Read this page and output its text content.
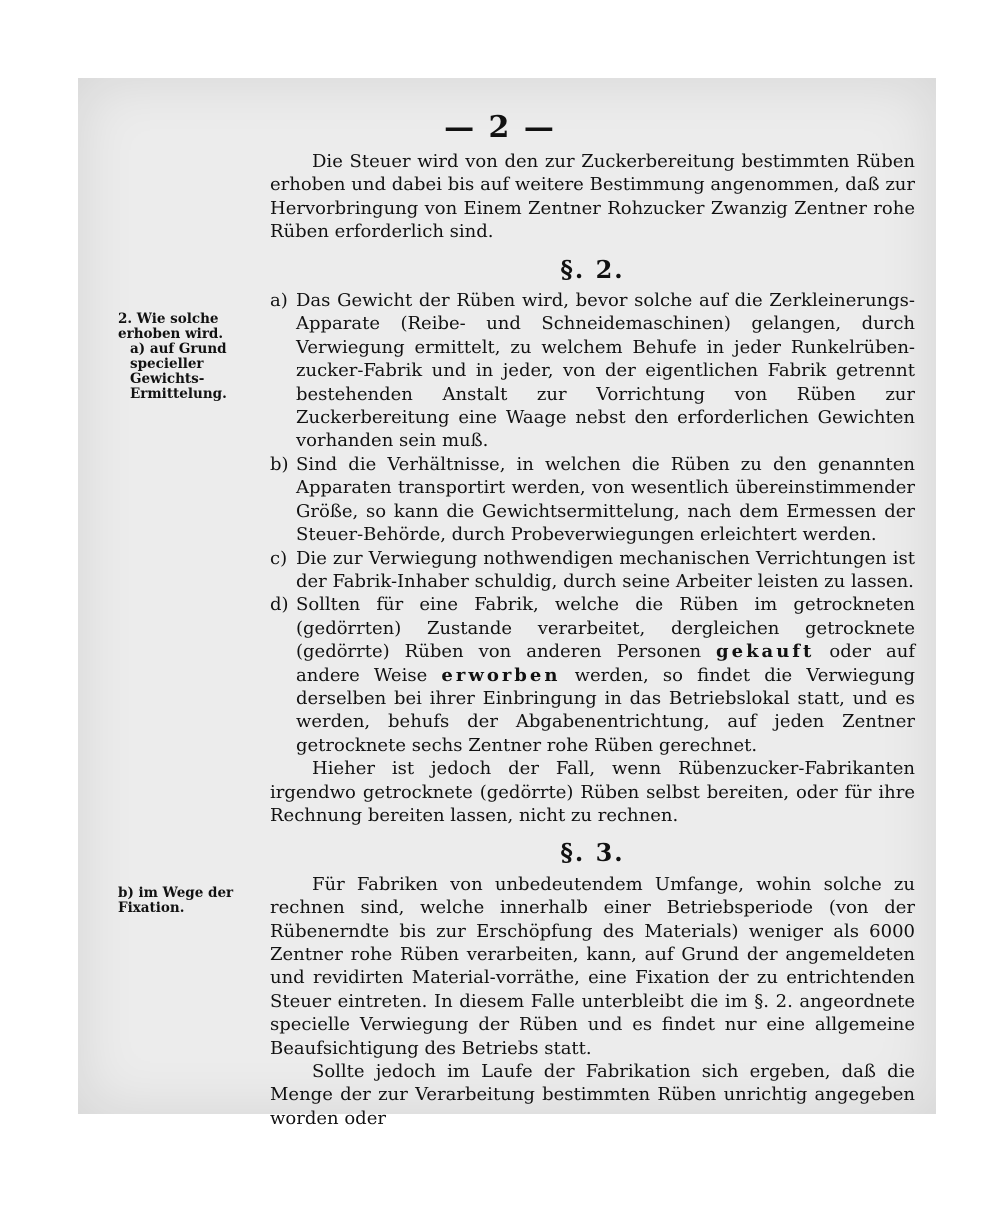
— 2 —
2. Wie solche erhoben wird.
a) auf Grund specieller Gewichts-Ermittelung.
b) im Wege der Fixation.

Die Steuer wird von den zur Zuckerbereitung bestimmten Rüben erhoben und dabei bis auf weitere Bestimmung angenommen, daß zur Hervorbringung von Einem Zentner Rohzucker Zwanzig Zentner rohe Rüben erforderlich sind.

§. 2.
a) Das Gewicht der Rüben wird, bevor solche auf die Zerkleinerungs-Apparate (Reibe- und Schneidemaschinen) gelangen, durch Verwiegung ermittelt, zu welchem Behufe in jeder Runkelrüben-zucker-Fabrik und in jeder, von der eigentlichen Fabrik getrennt bestehenden Anstalt zur Vorrichtung von Rüben zur Zuckerbereitung eine Waage nebst den erforderlichen Gewichten vorhanden sein muß.
b) Sind die Verhältnisse, in welchen die Rüben zu den genannten Apparaten transportirt werden, von wesentlich übereinstimmender Größe, so kann die Gewichtsermittelung, nach dem Ermessen der Steuer-Behörde, durch Probeverwiegungen erleichtert werden.
c) Die zur Verwiegung nothwendigen mechanischen Verrichtungen ist der Fabrik-Inhaber schuldig, durch seine Arbeiter leisten zu lassen.
d) Sollten für eine Fabrik, welche die Rüben im getrockneten (gedörrten) Zustande verarbeitet, dergleichen getrocknete (gedörrte) Rüben von anderen Personen gekauft oder auf andere Weise erworben werden, so findet die Verwiegung derselben bei ihrer Einbringung in das Betriebslokal statt, und es werden, behufs der Abgabenentrichtung, auf jeden Zentner getrocknete sechs Zentner rohe Rüben gerechnet.

Hieher ist jedoch der Fall, wenn Rübenzucker-Fabrikanten irgendwo getrocknete (gedörrte) Rüben selbst bereiten, oder für ihre Rechnung bereiten lassen, nicht zu rechnen.

§. 3.

Für Fabriken von unbedeutendem Umfange, wohin solche zu rechnen sind, welche innerhalb einer Betriebsperiode (von der Rübenerndte bis zur Erschöpfung des Materials) weniger als 6000 Zentner rohe Rüben verarbeiten, kann, auf Grund der angemeldeten und revidirten Material-vorräthe, eine Fixation der zu entrichtenden Steuer eintreten. In diesem Falle unterbleibt die im §. 2. angeordnete specielle Verwiegung der Rüben und es findet nur eine allgemeine Beaufsichtigung des Betriebs statt.

Sollte jedoch im Laufe der Fabrikation sich ergeben, daß die Menge der zur Verarbeitung bestimmten Rüben unrichtig angegeben worden oder
